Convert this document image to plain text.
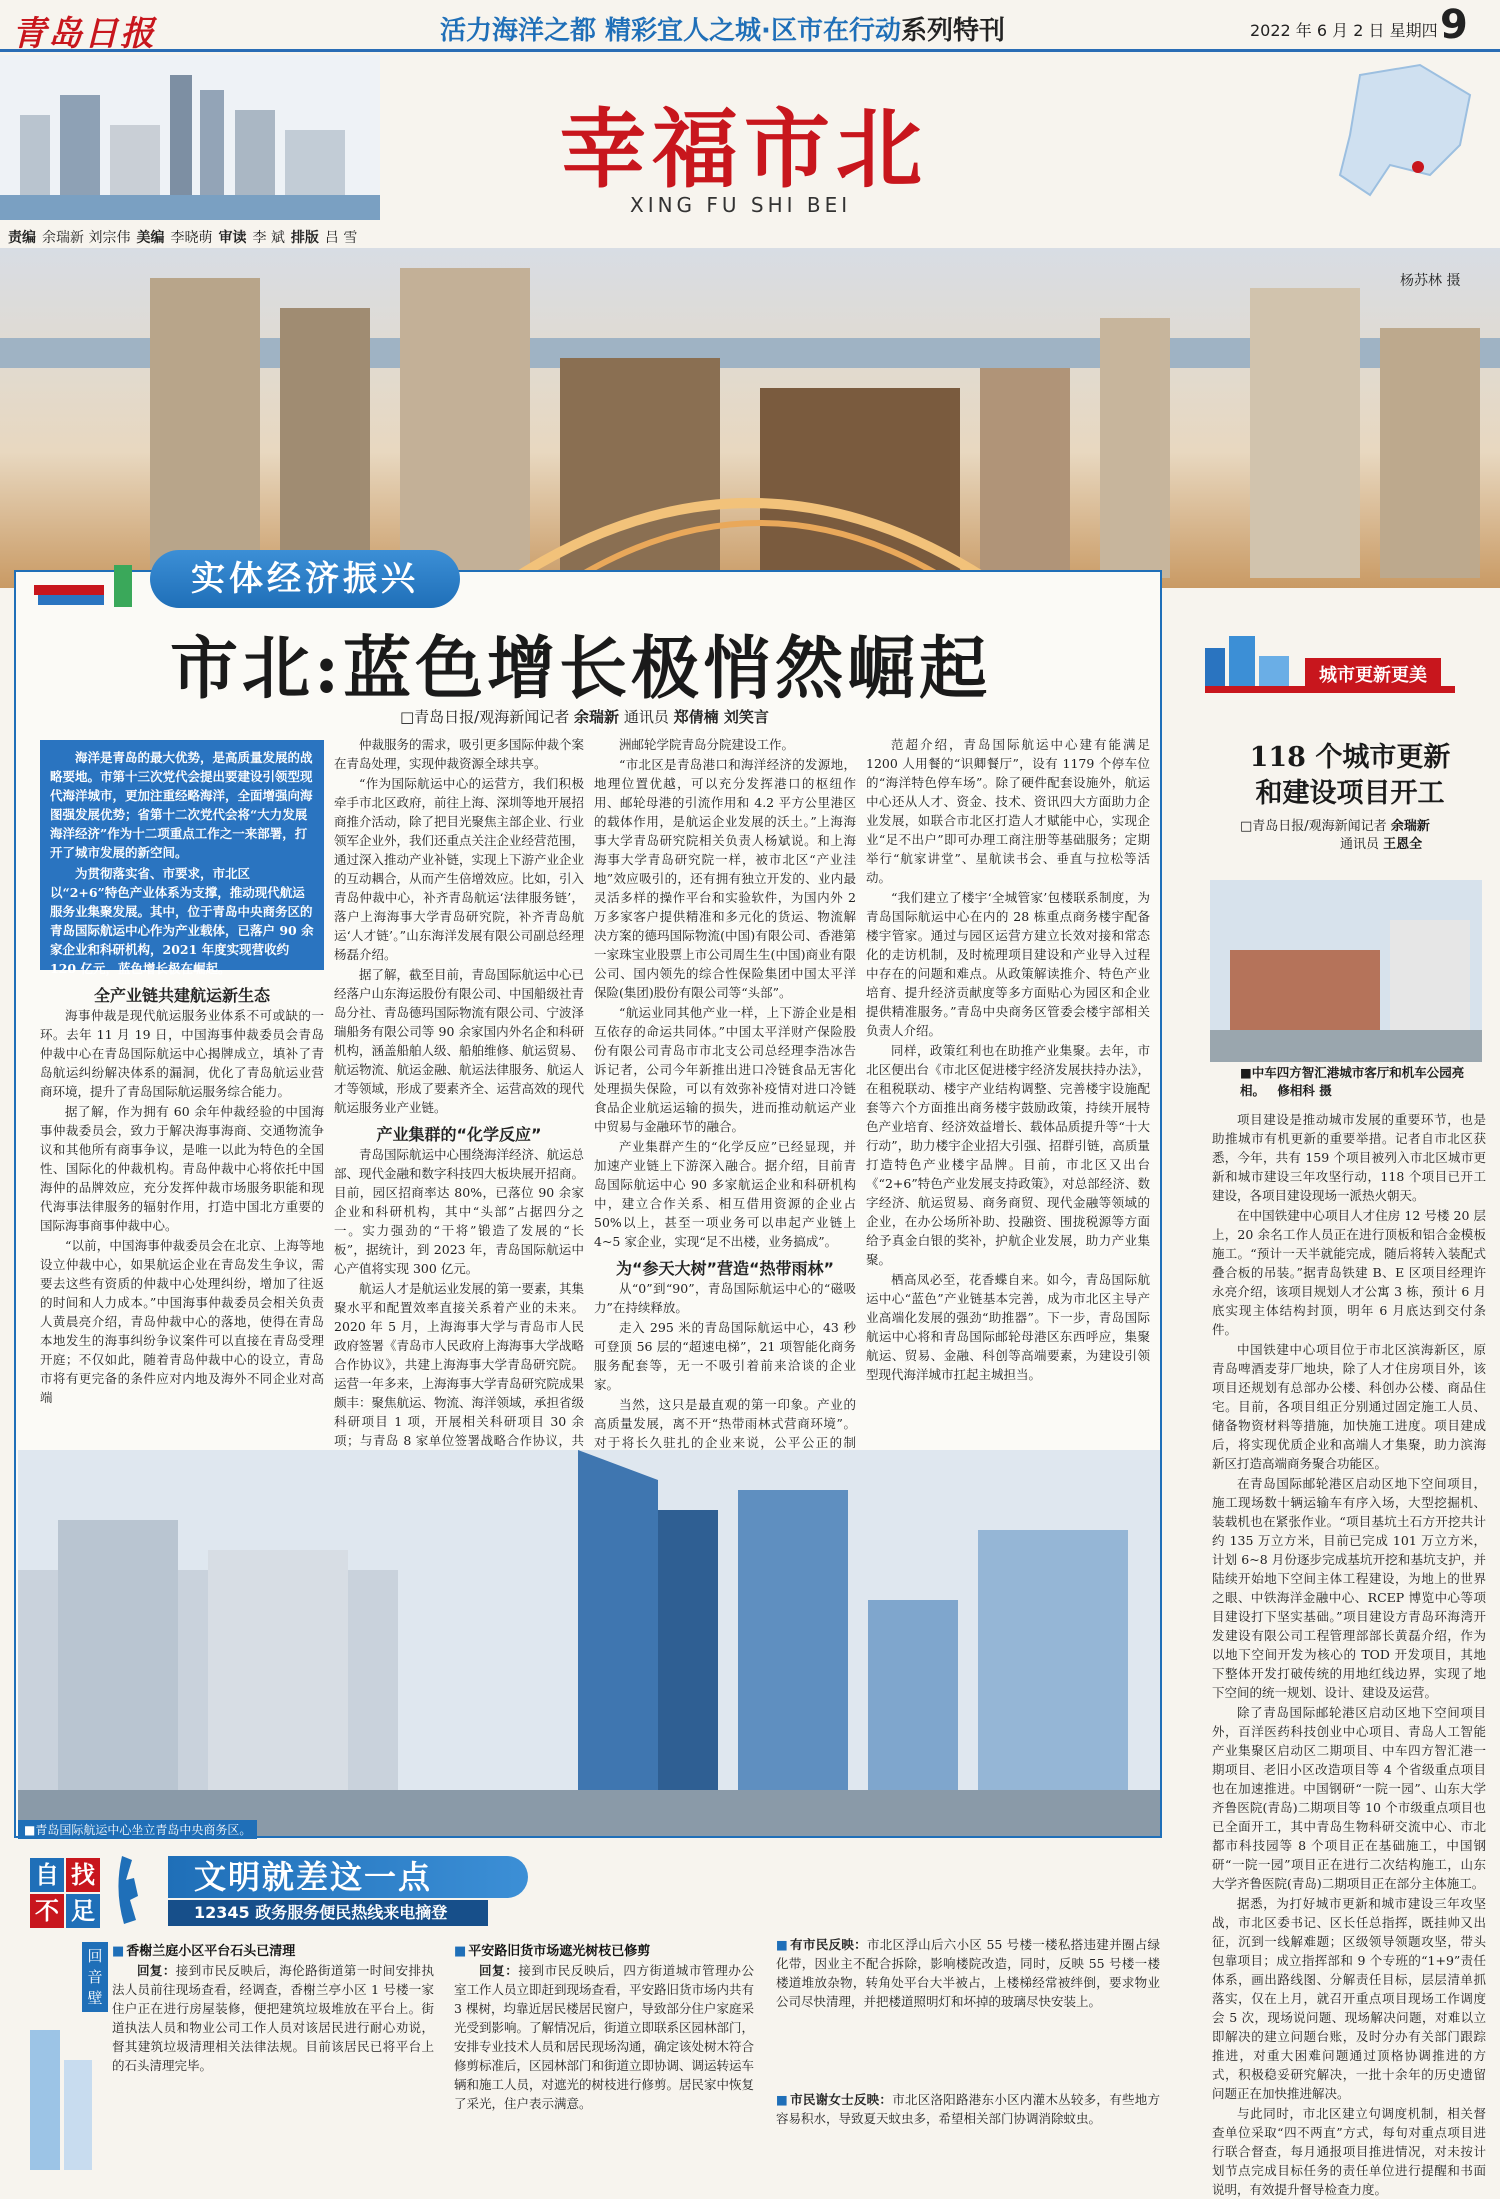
青岛日报	活力海洋之都 精彩宜人之城·区市在行动系列特刊	2022 年 6 月 2 日 星期四 9
幸福市北
XING FU SHI BEI
责编 余瑞新 刘宗伟 美编 李晓萌 审读 李 斌 排版 吕 雪
杨苏林 摄
实体经济振兴
市北:蓝色增长极悄然崛起
□青岛日报/观海新闻记者 余瑞新 通讯员 郑倩楠 刘笑言

海洋是青岛的最大优势，是高质量发展的战略要地。市第十三次党代会提出要建设引领型现代海洋城市，更加注重经略海洋，全面增强向海图强发展优势；省第十二次党代会将“大力发展海洋经济”作为十二项重点工作之一来部署，打开了城市发展的新空间。

为贯彻落实省、市要求，市北区以“2+6”特色产业体系为支撑，推动现代航运服务业集聚发展。其中，位于青岛中央商务区的青岛国际航运中心作为产业载体，已落户 90 余家企业和科研机构，2021 年度实现营收约 120 亿元，蓝色增长极在崛起。

全产业链共建航运新生态

海事仲裁是现代航运服务业体系不可或缺的一环。去年 11 月 19 日，中国海事仲裁委员会青岛仲裁中心在青岛国际航运中心揭牌成立，填补了青岛航运纠纷解决体系的漏洞，优化了青岛航运业营商环境，提升了青岛国际航运服务综合能力。

据了解，作为拥有 60 余年仲裁经验的中国海事仲裁委员会，致力于解决海事海商、交通物流争议和其他所有商事争议，是唯一以此为特色的全国性、国际化的仲裁机构。青岛仲裁中心将依托中国海仲的品牌效应，充分发挥仲裁市场服务职能和现代海事法律服务的辐射作用，打造中国北方重要的国际海事商事仲裁中心。

“以前，中国海事仲裁委员会在北京、上海等地设立仲裁中心，如果航运企业在青岛发生争议，需要去这些有资质的仲裁中心处理纠纷，增加了往返的时间和人力成本。”中国海事仲裁委员会相关负责人黄晨亮介绍，青岛仲裁中心的落地，使得在青岛本地发生的海事纠纷争议案件可以直接在青岛受理开庭；不仅如此，随着青岛仲裁中心的设立，青岛市将有更完备的条件应对内地及海外不同企业对高端

仲裁服务的需求，吸引更多国际仲裁个案在青岛处理，实现仲裁资源全球共享。

“作为国际航运中心的运营方，我们积极牵手市北区政府，前往上海、深圳等地开展招商推介活动，除了把目光聚焦主部企业、行业领军企业外，我们还重点关注企业经营范围，通过深入推动产业补链，实现上下游产业企业的互动耦合，从而产生倍增效应。比如，引入青岛仲裁中心，补齐青岛航运‘法律服务链’，落户上海海事大学青岛研究院，补齐青岛航运‘人才链’。”山东海洋发展有限公司副总经理杨磊介绍。

据了解，截至目前，青岛国际航运中心已经落户山东海运股份有限公司、中国船级社青岛分社、青岛德玛国际物流有限公司、宁波泽瑞船务有限公司等 90 余家国内外名企和科研机构，涵盖船舶人级、船舶维修、航运贸易、航运物流、航运金融、航运法律服务、航运人才等领域，形成了要素齐全、运营高效的现代航运服务业产业链。

产业集群的“化学反应”

青岛国际航运中心围绕海洋经济、航运总部、现代金融和数字科技四大板块展开招商。目前，园区招商率达 80%，已落位 90 余家企业和科研机构，其中“头部”占据四分之一。实力强劲的“干将”锻造了发展的“长板”，据统计，到 2023 年，青岛国际航运中心产值将实现 300 亿元。

航运人才是航运业发展的第一要素，其集聚水平和配置效率直接关系着产业的未来。2020 年 5 月，上海海事大学与青岛市人民政府签署《青岛市人民政府上海海事大学战略合作协议》，共建上海海事大学青岛研究院。运营一年多来，上海海事大学青岛研究院成果颇丰：聚焦航运、物流、海洋领域，承担省级科研项目 1 项，开展相关科研项目 30 余项；与青岛 8 家单位签署战略合作协议，共

洲邮轮学院青岛分院建设工作。

“市北区是青岛港口和海洋经济的发源地，地理位置优越，可以充分发挥港口的枢纽作用、邮轮母港的引流作用和 4.2 平方公里港区的载体作用，是航运企业发展的沃土。”上海海事大学青岛研究院相关负责人杨斌说。和上海海事大学青岛研究院一样，被市北区“产业洼地”效应吸引的，还有拥有独立开发的、业内最灵活多样的操作平台和实验软件，为国内外 2 万多家客户提供精准和多元化的货运、物流解决方案的德玛国际物流(中国)有限公司、香港第一家珠宝业股票上市公司周生生(中国)商业有限公司、国内领先的综合性保险集团中国太平洋保险(集团)股份有限公司等“头部”。

“航运业同其他产业一样，上下游企业是相互依存的命运共同体。”中国太平洋财产保险股份有限公司青岛市市北支公司总经理李浩冰告诉记者，公司今年新推出进口冷链食品无害化处理损失保险，可以有效弥补疫情对进口冷链食品企业航运运输的损失，进而推动航运产业中贸易与金融环节的融合。

产业集群产生的“化学反应”已经显现，并加速产业链上下游深入融合。据介绍，目前青岛国际航运中心 90 多家航运企业和科研机构中，建立合作关系、相互借用资源的企业占 50%以上，甚至一项业务可以串起产业链上 4~5 家企业，实现“足不出楼，业务搞成”。

为“参天大树”营造“热带雨林”

从“0”到“90”，青岛国际航运中心的“磁吸力”在持续释放。

走入 295 米的青岛国际航运中心，43 秒可登顶 56 层的“超速电梯”，21 项智能化商务服务配套等，无一不吸引着前来洽谈的企业家。

当然，这只是最直观的第一印象。产业的高质量发展，离不开“热带雨林式营商环境”。对于将长久驻扎的企业来说，公平公正的制

范超介绍，青岛国际航运中心建有能满足 1200 人用餐的“识卿餐厅”，设有 1179 个停车位的“海洋特色停车场”。除了硬件配套设施外，航运中心还从人才、资金、技术、资讯四大方面助力企业发展，如联合市北区打造人才赋能中心，实现企业“足不出户”即可办理工商注册等基础服务；定期举行“航家讲堂”、星航读书会、垂直与拉松等活动。

“我们建立了楼宇‘全城管家’包楼联系制度，为青岛国际航运中心在内的 28 栋重点商务楼宇配备楼宇管家。通过与园区运营方建立长效对接和常态化的走访机制，及时梳理项目建设和产业导入过程中存在的问题和难点。从政策解读推介、特色产业培育、提升经济贡献度等多方面贴心为园区和企业提供精准服务。”青岛中央商务区管委会楼宇部相关负责人介绍。

同样，政策红利也在助推产业集聚。去年，市北区便出台《市北区促进楼宇经济发展扶持办法》，在租税联动、楼宇产业结构调整、完善楼宇设施配套等六个方面推出商务楼宇鼓励政策，持续开展特色产业培育、经济效益增长、载体品质提升等“十大行动”，助力楼宇企业招大引强、招群引链，高质量打造特色产业楼宇品牌。目前，市北区又出台《“2+6”特色产业发展支持政策》，对总部经济、数字经济、航运贸易、商务商贸、现代金融等领域的企业，在办公场所补助、投融资、围拢税源等方面给予真金白银的奖补，护航企业发展，助力产业集聚。

栖高凤必至，花香蝶自来。如今，青岛国际航运中心“蓝色”产业链基本完善，成为市北区主导产业高端化发展的强劲“助推器”。下一步，青岛国际航运中心将和青岛国际邮轮母港区东西呼应，集聚航运、贸易、金融、科创等高端要素，为建设引领型现代海洋城市扛起主城担当。

■青岛国际航运中心坐立青岛中央商务区。
城市更新更美
118 个城市更新
和建设项目开工
□青岛日报/观海新闻记者 余瑞新
通讯员 王恩全
■中车四方智汇港城市客厅和机车公园亮相。 修相科 摄

项目建设是推动城市发展的重要环节，也是助推城市有机更新的重要举措。记者自市北区获悉，今年，共有 159 个项目被列入市北区城市更新和城市建设三年攻坚行动，118 个项目已开工建设，各项目建设现场一派热火朝天。

在中国铁建中心项目人才住房 12 号楼 20 层上，20 余名工作人员正在进行顶板和铝合金模板施工。“预计一天半就能完成，随后将转入装配式叠合板的吊装。”据青岛铁建 B、E 区项目经理许永亮介绍，该项目规划人才公寓 3 栋，预计 6 月底实现主体结构封顶，明年 6 月底达到交付条件。

中国铁建中心项目位于市北区滨海新区，原青岛啤酒麦芽厂地块，除了人才住房项目外，该项目还规划有总部办公楼、科创办公楼、商品住宅。目前，各项目组正分别通过固定施工人员、储备物资材料等措施，加快施工进度。项目建成后，将实现优质企业和高端人才集聚，助力滨海新区打造高端商务聚合功能区。

在青岛国际邮轮港区启动区地下空间项目，施工现场数十辆运输车有序入场，大型挖掘机、装载机也在紧张作业。“项目基坑土石方开挖共计约 135 万立方米，目前已完成 101 万立方米，计划 6~8 月份逐步完成基坑开挖和基坑支护，并陆续开始地下空间主体工程建设，为地上的世界之眼、中铁海洋金融中心、RCEP 博览中心等项目建设打下坚实基础。”项目建设方青岛环海湾开发建设有限公司工程管理部部长黄磊介绍，作为以地下空间开发为核心的 TOD 开发项目，其地下整体开发打破传统的用地红线边界，实现了地下空间的统一规划、设计、建设及运营。

除了青岛国际邮轮港区启动区地下空间项目外，百洋医药科技创业中心项目、青岛人工智能产业集聚区启动区二期项目、中车四方智汇港一期项目、老旧小区改造项目等 4 个省级重点项目也在加速推进。中国钢研“一院一园”、山东大学齐鲁医院(青岛)二期项目等 10 个市级重点项目也已全面开工，其中青岛生物科研交流中心、市北都市科技园等 8 个项目正在基础施工，中国钢研“一院一园”项目正在进行二次结构施工，山东大学齐鲁医院(青岛)二期项目正在部分主体施工。

据悉，为打好城市更新和城市建设三年攻坚战，市北区委书记、区长任总指挥，既挂帅又出征，沉到一线解难题；区级领导领题攻坚，带头包靠项目；成立指挥部和 9 个专班的“1+9”责任体系，画出路线图、分解责任目标，层层清单抓落实，仅在上月，就召开重点项目现场工作调度会 5 次，现场说问题、现场解决问题，对难以立即解决的建立问题台账，及时分办有关部门跟踪推进，对重大困难问题通过顶格协调推进的方式，积极稳妥研究解决，一批十余年的历史遗留问题正在加快推进解决。

与此同时，市北区建立句调度机制，相关督查单位采取“四不两直”方式，每旬对重点项目进行联合督查，每月通报项目推进情况，对未按计划节点完成目标任务的责任单位进行提醒和书面说明，有效提升督导检查力度。

自 找
不 足
文明就差这一点
12345 政务服务便民热线来电摘登
回音壁
■ 香榭兰庭小区平台石头已清理

回复：接到市民反映后，海伦路街道第一时间安排执法人员前往现场查看，经调查，香榭兰亭小区 1 号楼一家住户正在进行房屋装修，便把建筑垃圾堆放在平台上。街道执法人员和物业公司工作人员对该居民进行耐心劝说，督其建筑垃圾清理相关法律法规。目前该居民已将平台上的石头清理完毕。

■ 平安路旧货市场遮光树枝已修剪

回复：接到市民反映后，四方街道城市管理办公室工作人员立即赶到现场查看，平安路旧货市场内共有 3 棵树，均靠近居民楼居民窗户，导致部分住户家庭采光受到影响。了解情况后，街道立即联系区园林部门，安排专业技术人员和居民现场沟通，确定该处树木符合修剪标准后，区园林部门和街道立即协调、调运转运车辆和施工人员，对遮光的树枝进行修剪。居民家中恢复了采光，住户表示满意。

■ 有市民反映：市北区浮山后六小区 55 号楼一楼私搭违建并圈占绿化带，因业主不配合拆除，影响楼院改造，同时，反映 55 号楼一楼楼道堆放杂物，转角处平台大半被占，上楼梯经常被绊倒，要求物业公司尽快清理，并把楼道照明灯和坏掉的玻璃尽快安装上。
■ 市民谢女士反映：市北区洛阳路港东小区内灌木丛较多，有些地方容易积水，导致夏天蚊虫多，希望相关部门协调消除蚊虫。
